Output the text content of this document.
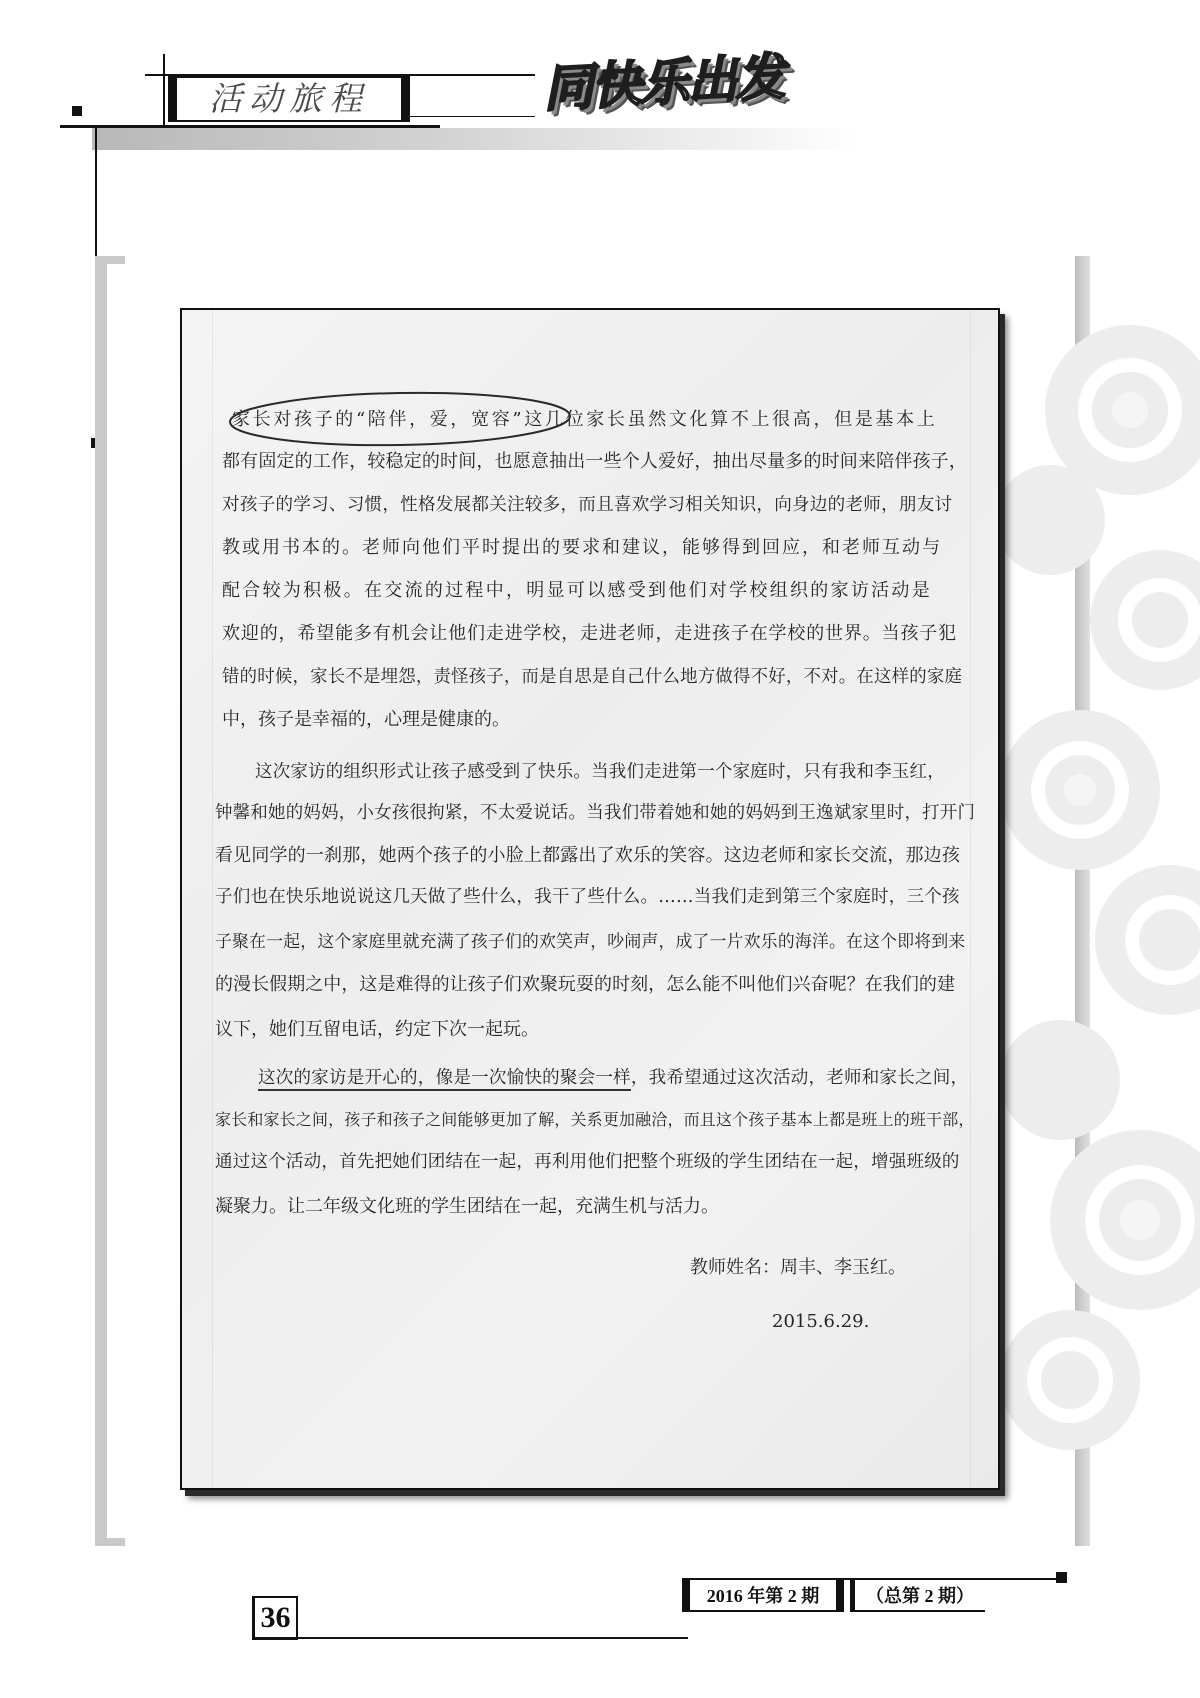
活动旅程	同快乐出发
家长对孩子的“陪伴，爱，宽容”这几位家长虽然文化算不上很高，但是基本上
都有固定的工作，较稳定的时间，也愿意抽出一些个人爱好，抽出尽量多的时间来陪伴孩子，
对孩子的学习、习惯，性格发展都关注较多，而且喜欢学习相关知识，向身边的老师，朋友讨
教或用书本的。老师向他们平时提出的要求和建议，能够得到回应，和老师互动与
配合较为积极。在交流的过程中，明显可以感受到他们对学校组织的家访活动是
欢迎的，希望能多有机会让他们走进学校，走进老师，走进孩子在学校的世界。当孩子犯
错的时候，家长不是埋怨，责怪孩子，而是自思是自己什么地方做得不好，不对。在这样的家庭
中，孩子是幸福的，心理是健康的。
这次家访的组织形式让孩子感受到了快乐。当我们走进第一个家庭时，只有我和李玉红，
钟馨和她的妈妈，小女孩很拘紧，不太爱说话。当我们带着她和她的妈妈到王逸斌家里时，打开门
看见同学的一刹那，她两个孩子的小脸上都露出了欢乐的笑容。这边老师和家长交流，那边孩
子们也在快乐地说说这几天做了些什么，我干了些什么。……当我们走到第三个家庭时，三个孩
子聚在一起，这个家庭里就充满了孩子们的欢笑声，吵闹声，成了一片欢乐的海洋。在这个即将到来
的漫长假期之中，这是难得的让孩子们欢聚玩耍的时刻，怎么能不叫他们兴奋呢？在我们的建
议下，她们互留电话，约定下次一起玩。
这次的家访是开心的，像是一次愉快的聚会一样，我希望通过这次活动，老师和家长之间，
家长和家长之间，孩子和孩子之间能够更加了解，关系更加融洽，而且这个孩子基本上都是班上的班干部，
通过这个活动，首先把她们团结在一起，再利用他们把整个班级的学生团结在一起，增强班级的
凝聚力。让二年级文化班的学生团结在一起，充满生机与活力。
教师姓名：周丰、李玉红。
2015.6.29.
36
2016 年第 2 期	（总第 2 期）
